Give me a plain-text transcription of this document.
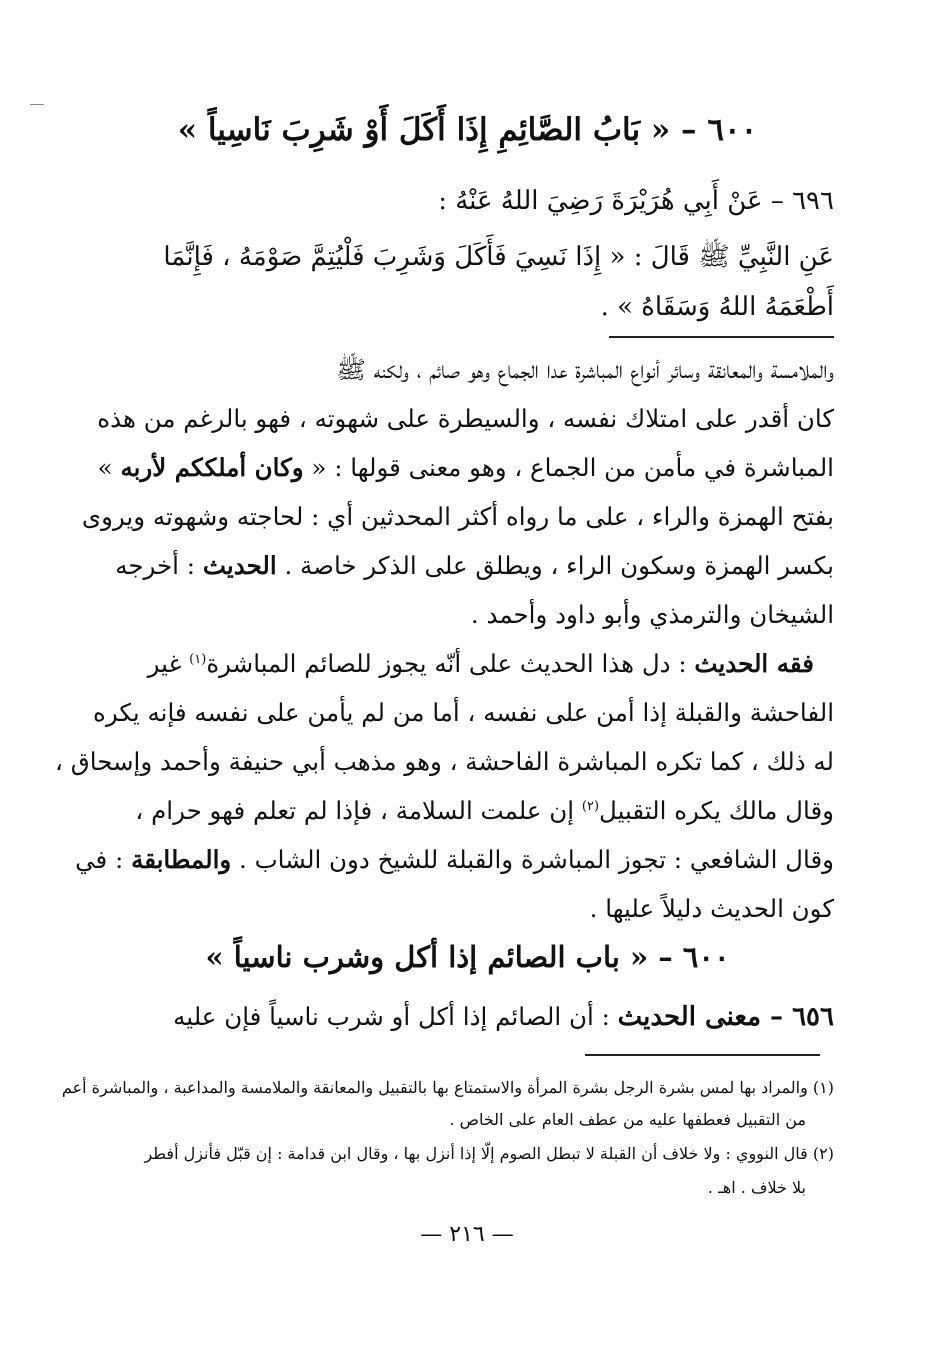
٦٠٠ – « بَابُ الصَّائِمِ إِذَا أَكَلَ أَوْ شَرِبَ نَاسِياً »
٦٩٦ – عَنْ أَبِي هُرَيْرَةَ رَضِيَ اللهُ عَنْهُ :
عَنِ النَّبِيِّ ﷺ قَالَ : « إِذَا نَسِيَ فَأَكَلَ وَشَرِبَ فَلْيُتِمَّ صَوْمَهُ ، فَإِنَّمَا
أَطْعَمَهُ اللهُ وَسَقَاهُ » .
والملامسة والمعانقة وسائر أنواع المباشرة عدا الجماع وهو صائم ، ولكنه ﷺ
كان أقدر على امتلاك نفسه ، والسيطرة على شهوته ، فهو بالرغم من هذه
المباشرة في مأمن من الجماع ، وهو معنى قولها : « وكان أملككم لأربه »
بفتح الهمزة والراء ، على ما رواه أكثر المحدثين أي : لحاجته وشهوته ويروى
بكسر الهمزة وسكون الراء ، ويطلق على الذكر خاصة . الحديث : أخرجه
الشيخان والترمذي وأبو داود وأحمد .
فقه الحديث : دل هذا الحديث على أنّه يجوز للصائم المباشرة$^{(١)}$ غير
الفاحشة والقبلة إذا أمن على نفسه ، أما من لم يأمن على نفسه فإنه يكره
له ذلك ، كما تكره المباشرة الفاحشة ، وهو مذهب أبي حنيفة وأحمد وإسحاق ،
وقال مالك يكره التقبيل$^{(٢)}$ إن علمت السلامة ، فإذا لم تعلم فهو حرام ،
وقال الشافعي : تجوز المباشرة والقبلة للشيخ دون الشاب . والمطابقة : في
كون الحديث دليلاً عليها .
٦٠٠ – « باب الصائم إذا أكل وشرب ناسياً »
٦٥٦ – معنى الحديث : أن الصائم إذا أكل أو شرب ناسياً فإن عليه
(١) والمراد بها لمس بشرة الرجل بشرة المرأة والاستمتاع بها بالتقبيل والمعانقة والملامسة والمداعبة ، والمباشرة أعم
من التقبيل فعطفها عليه من عطف العام على الخاص .
(٢) قال النووي : ولا خلاف أن القبلة لا تبطل الصوم إلّا إذا أنزل بها ، وقال ابن قدامة : إن قبّل فأنزل أفطر
بلا خلاف . اهـ .
— ٢١٦ —
